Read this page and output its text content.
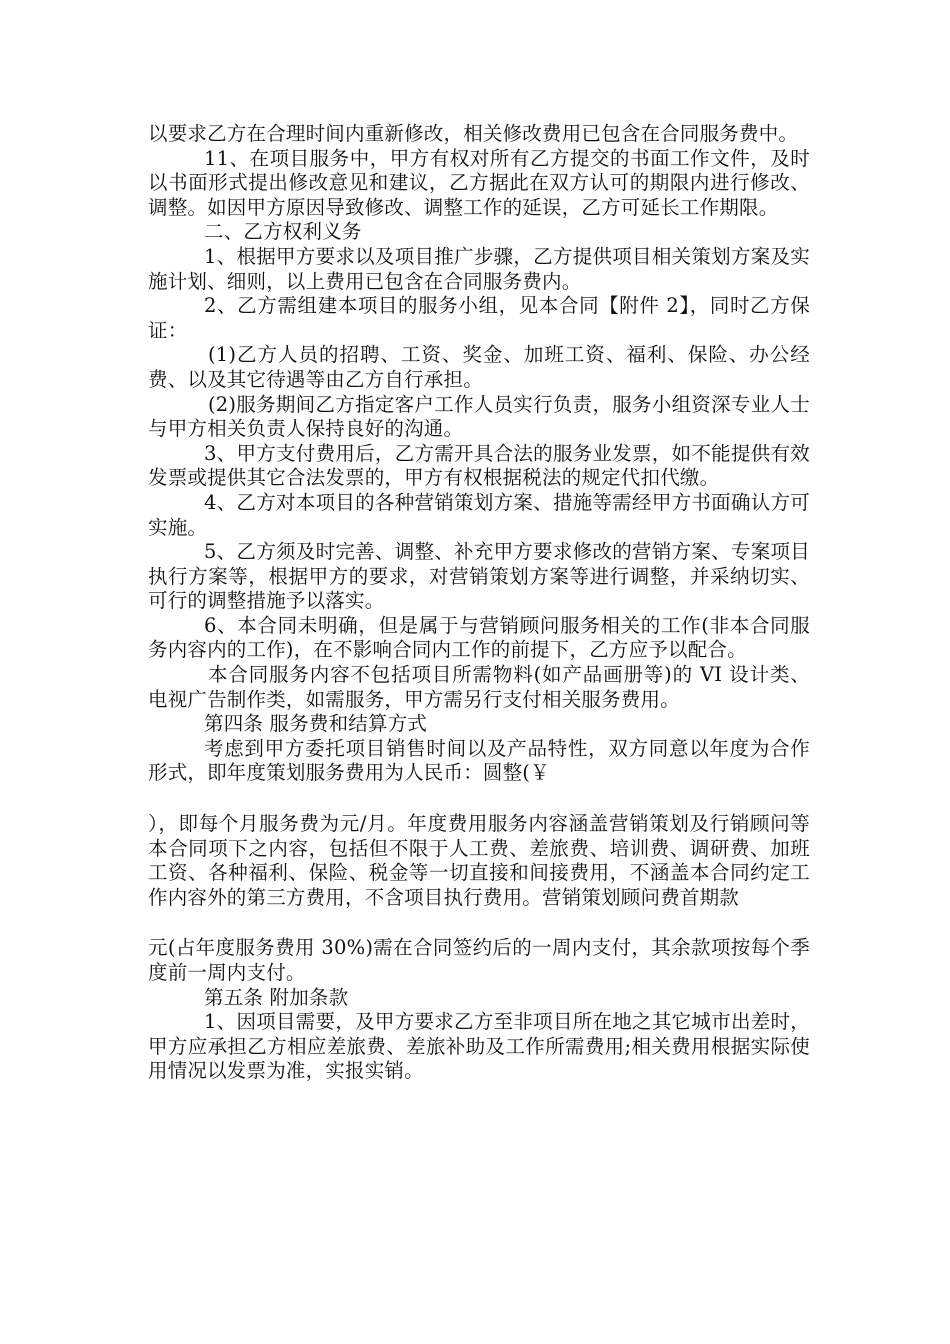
以要求乙方在合理时间内重新修改，相关修改费用已包含在合同服务费中。

11、在项目服务中，甲方有权对所有乙方提交的书面工作文件，及时以书面形式提出修改意见和建议，乙方据此在双方认可的期限内进行修改、调整。如因甲方原因导致修改、调整工作的延误，乙方可延长工作期限。

二、乙方权利义务

1、根据甲方要求以及项目推广步骤，乙方提供项目相关策划方案及实施计划、细则，以上费用已包含在合同服务费内。

2、乙方需组建本项目的服务小组，见本合同【附件 2】，同时乙方保证：

(1)乙方人员的招聘、工资、奖金、加班工资、福利、保险、办公经费、以及其它待遇等由乙方自行承担。

(2)服务期间乙方指定客户工作人员实行负责，服务小组资深专业人士与甲方相关负责人保持良好的沟通。

3、甲方支付费用后，乙方需开具合法的服务业发票，如不能提供有效发票或提供其它合法发票的，甲方有权根据税法的规定代扣代缴。

4、乙方对本项目的各种营销策划方案、措施等需经甲方书面确认方可实施。

5、乙方须及时完善、调整、补充甲方要求修改的营销方案、专案项目执行方案等，根据甲方的要求，对营销策划方案等进行调整，并采纳切实、可行的调整措施予以落实。

6、本合同未明确，但是属于与营销顾问服务相关的工作(非本合同服务内容内的工作)，在不影响合同内工作的前提下，乙方应予以配合。

本合同服务内容不包括项目所需物料(如产品画册等)的 VI 设计类、电视广告制作类，如需服务，甲方需另行支付相关服务费用。

第四条 服务费和结算方式

考虑到甲方委托项目销售时间以及产品特性，双方同意以年度为合作形式，即年度策划服务费用为人民币：圆整(￥

），即每个月服务费为元/月。年度费用服务内容涵盖营销策划及行销顾问等本合同项下之内容，包括但不限于人工费、差旅费、培训费、调研费、加班工资、各种福利、保险、税金等一切直接和间接费用，不涵盖本合同约定工作内容外的第三方费用，不含项目执行费用。营销策划顾问费首期款

元(占年度服务费用 30%)需在合同签约后的一周内支付，其余款项按每个季度前一周内支付。

第五条 附加条款

1、因项目需要，及甲方要求乙方至非项目所在地之其它城市出差时，甲方应承担乙方相应差旅费、差旅补助及工作所需费用;相关费用根据实际使用情况以发票为准，实报实销。
